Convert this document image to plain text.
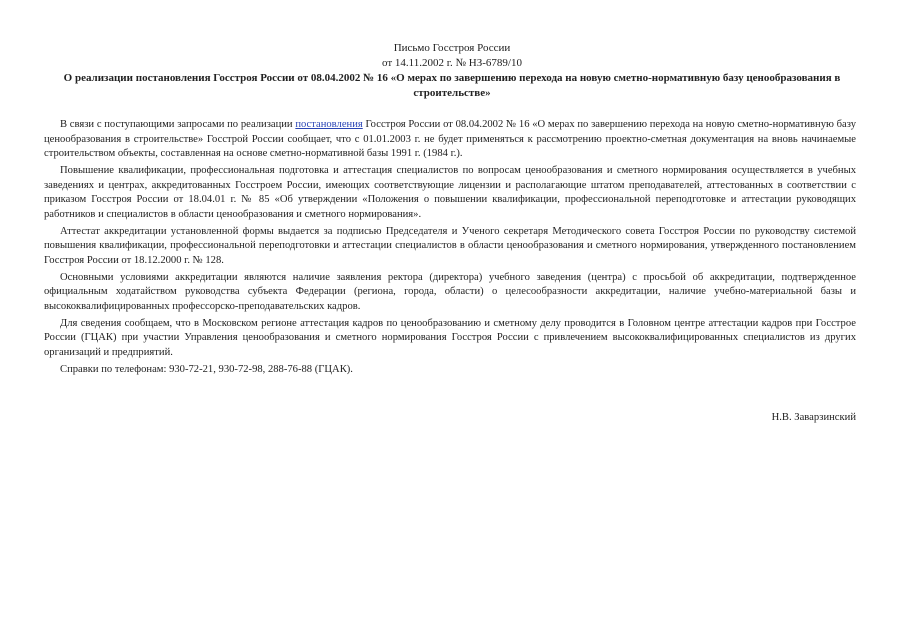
Письмо Госстроя России
от 14.11.2002 г. № НЗ-6789/10
О реализации постановления Госстроя России от 08.04.2002 № 16 «О мерах по завершению перехода на новую сметно-нормативную базу ценообразования в строительстве»

В связи с поступающими запросами по реализации постановления Госстроя России от 08.04.2002 № 16 «О мерах по завершению перехода на новую сметно-нормативную базу ценообразования в строительстве» Госстрой России сообщает, что с 01.01.2003 г. не будет применяться к рассмотрению проектно-сметная документация на вновь начинаемые строительством объекты, составленная на основе сметно-нормативной базы 1991 г. (1984 г.).

Повышение квалификации, профессиональная подготовка и аттестация специалистов по вопросам ценообразования и сметного нормирования осуществляется в учебных заведениях и центрах, аккредитованных Госстроем России, имеющих соответствующие лицензии и располагающие штатом преподавателей, аттестованных в соответствии с приказом Госстроя России от 18.04.01 г. № 85 «Об утверждении «Положения о повышении квалификации, профессиональной переподготовке и аттестации руководящих работников и специалистов в области ценообразования и сметного нормирования».

Аттестат аккредитации установленной формы выдается за подписью Председателя и Ученого секретаря Методического совета Госстроя России по руководству системой повышения квалификации, профессиональной переподготовки и аттестации специалистов в области ценообразования и сметного нормирования, утвержденного постановлением Госстроя России от 18.12.2000 г. № 128.

Основными условиями аккредитации являются наличие заявления ректора (директора) учебного заведения (центра) с просьбой об аккредитации, подтвержденное официальным ходатайством руководства субъекта Федерации (региона, города, области) о целесообразности аккредитации, наличие учебно-материальной базы и высококвалифицированных профессорско-преподавательских кадров.

Для сведения сообщаем, что в Московском регионе аттестация кадров по ценообразованию и сметному делу проводится в Головном центре аттестации кадров при Госстрое России (ГЦАК) при участии Управления ценообразования и сметного нормирования Госстроя России с привлечением высококвалифицированных специалистов из других организаций и предприятий.

Справки по телефонам: 930-72-21, 930-72-98, 288-76-88 (ГЦАК).

Н.В. Заварзинский
